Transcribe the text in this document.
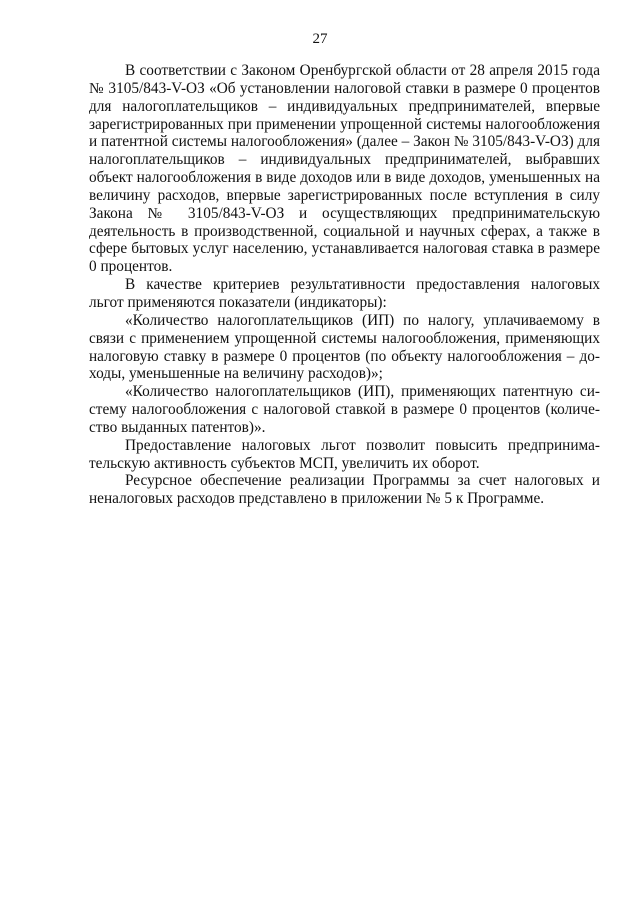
27

В соответствии с Законом Оренбургской области от 28 апреля 2015 года № 3105/843-V-ОЗ «Об установлении налоговой ставки в размере 0 процентов для налогоплательщиков – индивидуальных предпринимателей, впервые зарегистрированных при применении упрощенной системы налогообложения и патентной системы налогообложения» (далее – Закон № 3105/843-V-ОЗ) для налогоплательщиков – индивидуальных предпринимателей, выбравших объект налогообложения в виде доходов или в виде доходов, уменьшенных на величину расходов, впервые зарегистрированных после вступления в силу Закона № 3105/843-V-ОЗ и осуществляющих предпринимательскую деятельность в производственной, социальной и научных сферах, а также в сфере бытовых услуг населению, устанавливается налоговая ставка в размере 0 процентов.

В качестве критериев результативности предоставления налоговых льгот применяются показатели (индикаторы):

«Количество налогоплательщиков (ИП) по налогу, уплачиваемому в связи с применением упрощенной системы налогообложения, применяющих налоговую ставку в размере 0 процентов (по объекту налогообложения – доходы, уменьшенные на величину расходов)»;

«Количество налогоплательщиков (ИП), применяющих патентную систему налогообложения с налоговой ставкой в размере 0 процентов (количество выданных патентов)».

Предоставление налоговых льгот позволит повысить предпринимательскую активность субъектов МСП, увеличить их оборот.

Ресурсное обеспечение реализации Программы за счет налоговых и неналоговых расходов представлено в приложении № 5 к Программе.
